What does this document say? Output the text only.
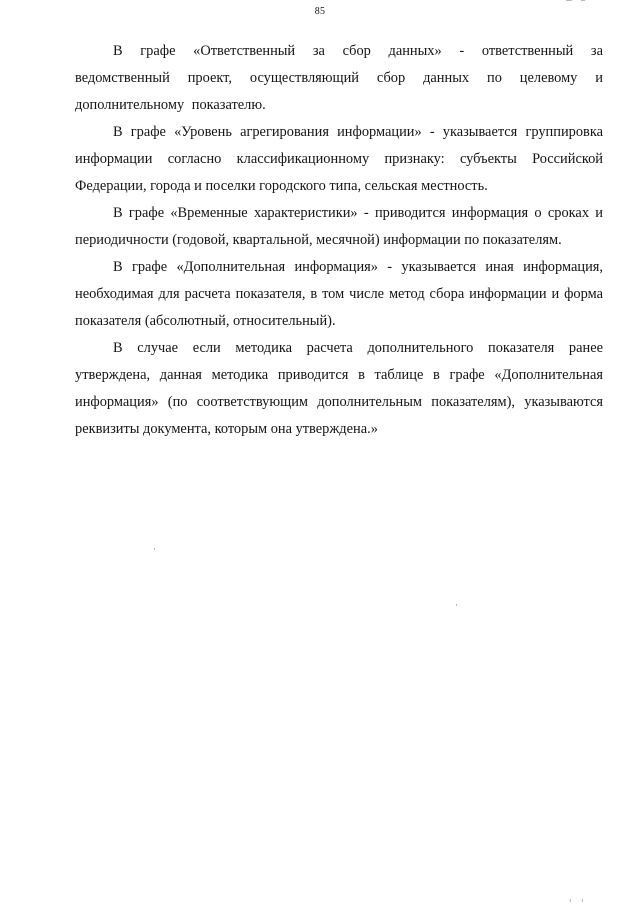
85

В графе «Ответственный за сбор данных» - ответственный за ведомственный проект, осуществляющий сбор данных по целевому и дополнительному показателю.

В графе «Уровень агрегирования информации» - указывается группировка информации согласно классификационному признаку: субъекты Российской Федерации, города и поселки городского типа, сельская местность.

В графе «Временные характеристики» - приводится информация о сроках и периодичности (годовой, квартальной, месячной) информации по показателям.

В графе «Дополнительная информация» - указывается иная информация, необходимая для расчета показателя, в том числе метод сбора информации и форма показателя (абсолютный, относительный).

В случае если методика расчета дополнительного показателя ранее утверждена, данная методика приводится в таблице в графе «Дополнительная информация» (по соответствующим дополнительным показателям), указываются реквизиты документа, которым она утверждена.»
